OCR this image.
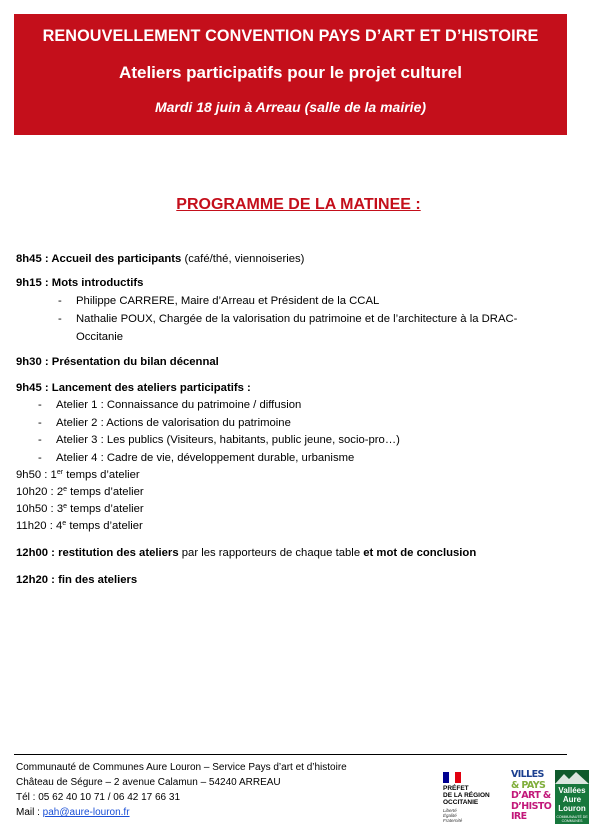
RENOUVELLEMENT CONVENTION PAYS D’ART ET D’HISTOIRE
Ateliers participatifs pour le projet culturel
Mardi 18 juin à Arreau (salle de la mairie)
PROGRAMME DE LA MATINEE :
8h45 : Accueil des participants (café/thé, viennoiseries)
9h15 : Mots introductifs
- Philippe CARRERE, Maire d’Arreau et Président de la CCAL
- Nathalie POUX, Chargée de la valorisation du patrimoine et de l’architecture à la DRAC-
Occitanie
9h30 : Présentation du bilan décennal
9h45 : Lancement des ateliers participatifs :
- Atelier 1 : Connaissance du patrimoine / diffusion
- Atelier 2 : Actions de valorisation du patrimoine
- Atelier 3 : Les publics (Visiteurs, habitants, public jeune, socio-pro…)
- Atelier 4 : Cadre de vie, développement durable, urbanisme
9h50 : 1er temps d’atelier
10h20 : 2e temps d’atelier
10h50 : 3e temps d’atelier
11h20 : 4e temps d’atelier
12h00 : restitution des ateliers par les rapporteurs de chaque table et mot de conclusion
12h20 : fin des ateliers
Communauté de Communes Aure Louron – Service Pays d’art et d’histoire
Château de Ségure – 2 avenue Calamun – 54240 ARREAU
Tél : 05 62 40 10 71 / 06 42 17 66 31
Mail : pah@aure-louron.fr
PRÉFET
DE LA RÉGION
OCCITANIE
Liberté
Égalité
Fraternité
VILLES
& PAYS
D’ART &
D’HISTO
IRE
Vallées
Aure
Louron
COMMUNAUTÉ DE COMMUNES
